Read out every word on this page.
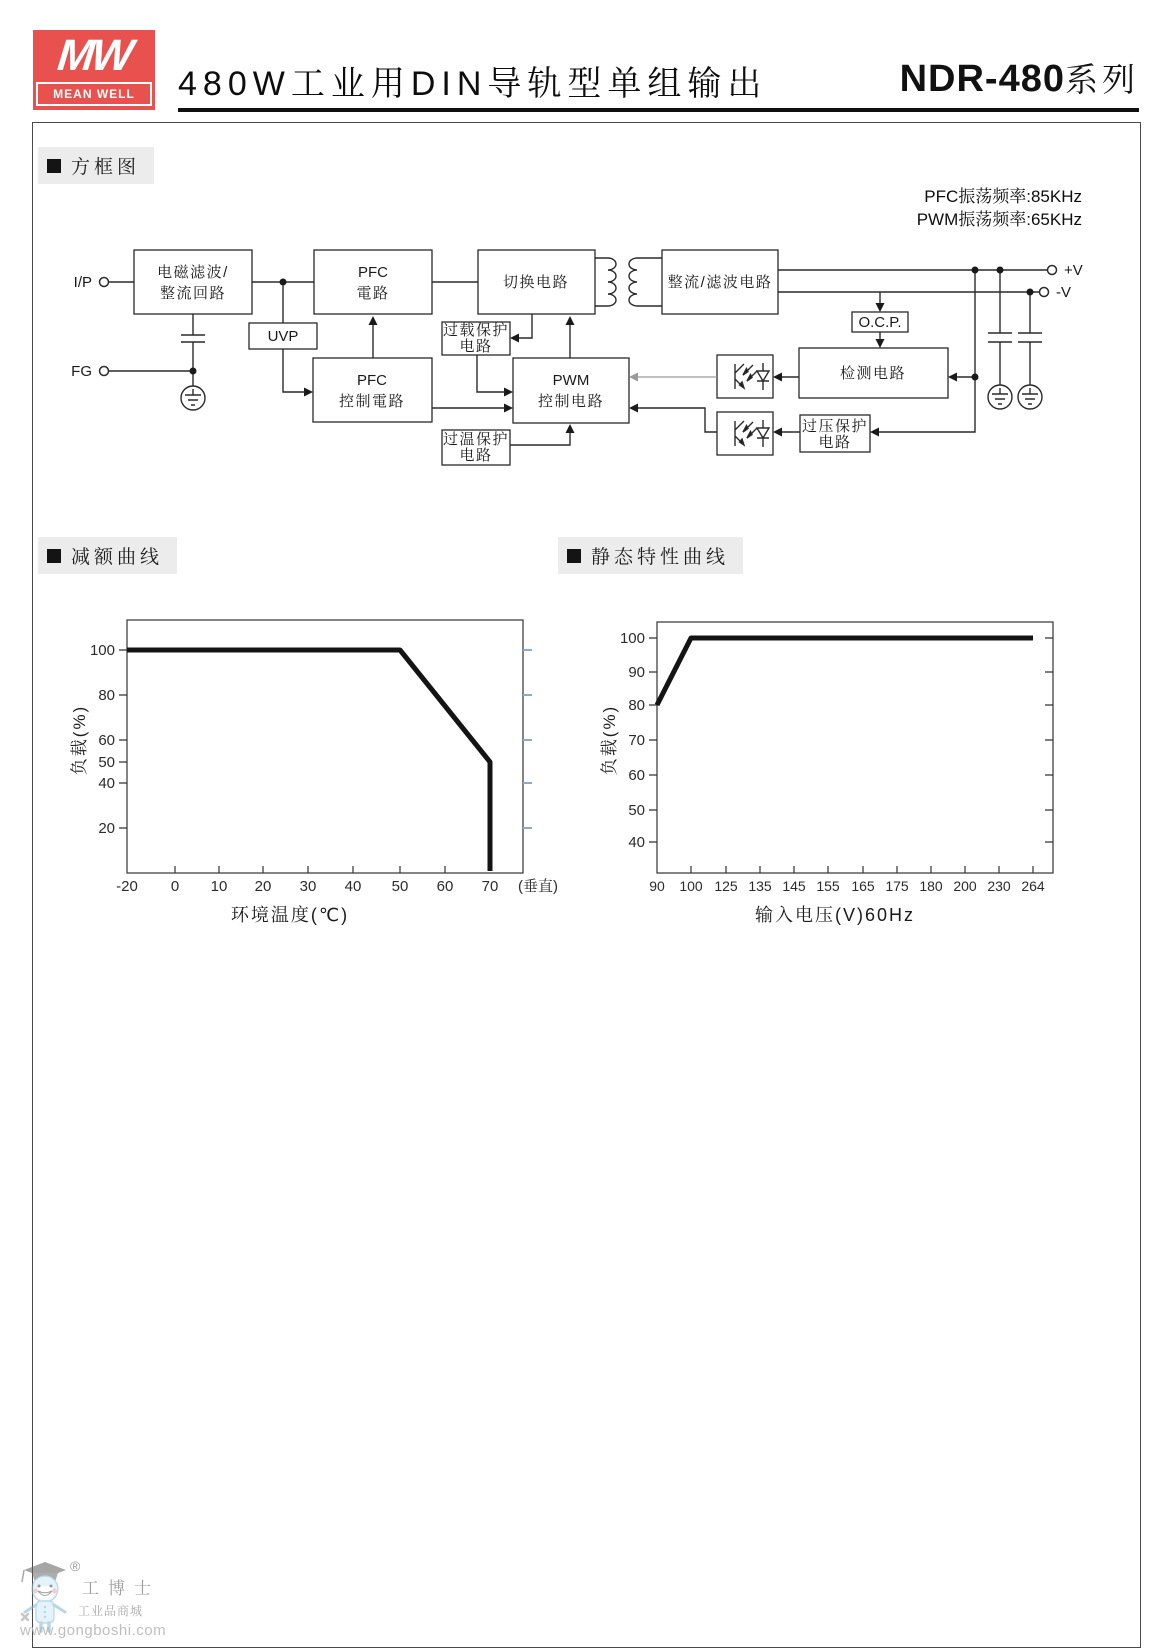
MW
MEAN WELL	480W工业用DIN导轨型单组输出	NDR-480系列
方框图
PFC振荡频率:85KHz
PWM振荡频率:65KHz
I/P
FG
+V
-V
电磁滤波/
整流回路
PFC
電路
切换电路	整流/滤波电路
UVP
PFC
控制電路
过载保护
电路
PWM
控制电路
过温保护
电路
O.C.P.
检测电路
过压保护
电路
减额曲线
100
80
60
50
40
20
-20 0 10 20 30 40 50 60 70 (垂直)
负载(%)
环境温度(℃)
静态特性曲线
100
90
80
70
60
50
40
90 100 125 135 145 155 165 175 180 200 230 264
负载(%)
输入电压(V)60Hz
®
工博士
工业品商城
www.gongboshi.com
